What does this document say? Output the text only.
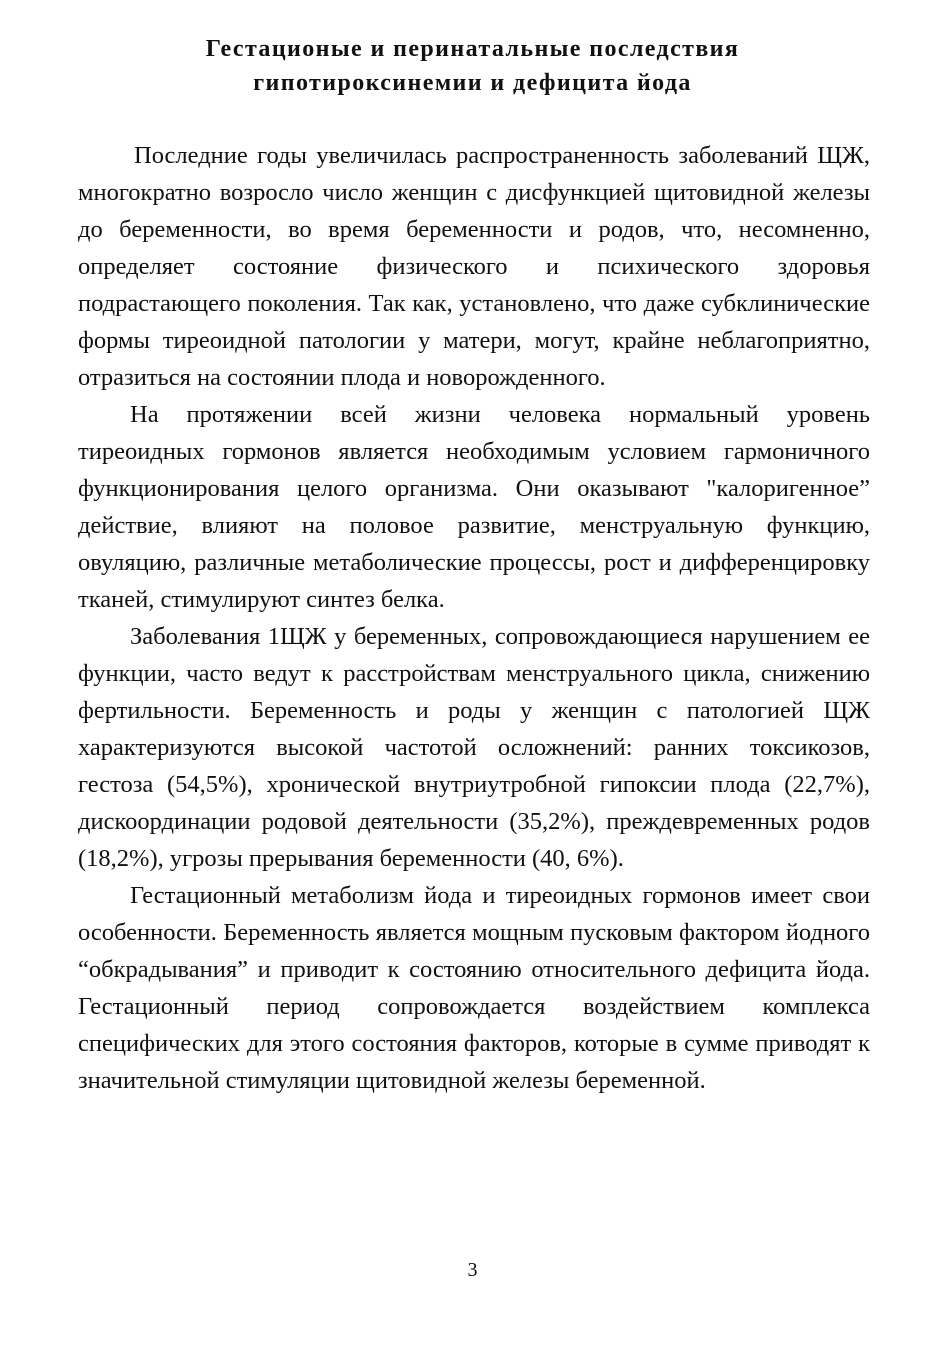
Гестационые и перинатальные последствия
гипотироксинемии и дефицита йода

Последние годы увеличилась распространенность заболеваний ЩЖ, многократно возросло число женщин с дисфункцией щитовидной железы до беременности, во время беременности и родов, что, несомненно, определяет состояние физического и психического здоровья подрастающего поколения. Так как, установлено, что даже субклинические формы тиреоидной патологии у матери, могут, крайне неблагоприятно, отразиться на состоянии плода и новорожденного.

На протяжении всей жизни человека нормальный уровень тиреоидных гормонов является необходимым условием гармоничного функционирования целого организма. Они оказывают "калоригенное” действие, влияют на половое развитие, менструальную функцию, овуляцию, различные метаболические процессы, рост и дифференцировку тканей, стимулируют синтез белка.

Заболевания 1ЩЖ у беременных, сопровождающиеся нарушением ее функции, часто ведут к расстройствам менструального цикла, снижению фертильности. Беременность и роды у женщин с патологией ЩЖ характеризуются высокой частотой осложнений: ранних токсикозов, гестоза (54,5%), хронической внутриутробной гипоксии плода (22,7%), дискоординации родовой деятельности (35,2%), преждевременных родов (18,2%), угрозы прерывания беременности (40, 6%).

Гестационный метаболизм йода и тиреоидных гормонов имеет свои особенности. Беременность является мощным пусковым фактором йодного “обкрадывания” и приводит к состоянию относительного дефицита йода. Гестационный период сопровождается воздействием комплекса специфических для этого состояния факторов, которые в сумме приводят к значительной стимуляции щитовидной железы беременной.

3
